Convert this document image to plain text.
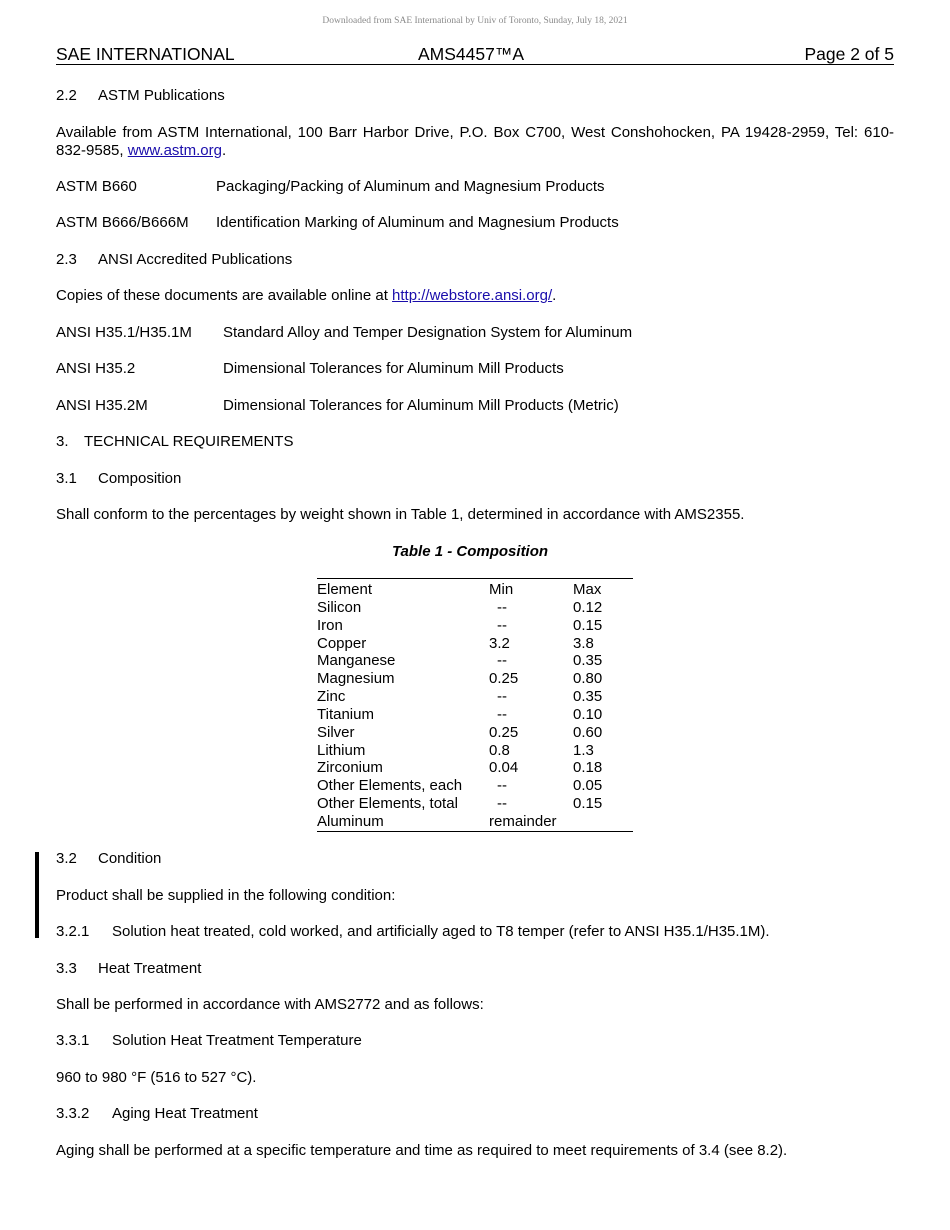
Downloaded from SAE International by Univ of Toronto, Sunday, July 18, 2021
SAE INTERNATIONAL	AMS4457™A	Page 2 of 5
2.2 ASTM Publications
Available from ASTM International, 100 Barr Harbor Drive, P.O. Box C700, West Conshohocken, PA 19428-2959, Tel: 610-832-9585, www.astm.org.
ASTM B660	Packaging/Packing of Aluminum and Magnesium Products
ASTM B666/B666M Identification Marking of Aluminum and Magnesium Products
2.3 ANSI Accredited Publications
Copies of these documents are available online at http://webstore.ansi.org/.
ANSI H35.1/H35.1M Standard Alloy and Temper Designation System for Aluminum
ANSI H35.2	Dimensional Tolerances for Aluminum Mill Products
ANSI H35.2M	Dimensional Tolerances for Aluminum Mill Products (Metric)
3. TECHNICAL REQUIREMENTS
3.1 Composition
Shall conform to the percentages by weight shown in Table 1, determined in accordance with AMS2355.
Table 1 - Composition
Element	Min	Max
Silicon	--	0.12
Iron	--	0.15
Copper	3.2	3.8
Manganese	--	0.35
Magnesium	0.25	0.80
Zinc	--	0.35
Titanium	--	0.10
Silver	0.25	0.60
Lithium	0.8	1.3
Zirconium	0.04	0.18
Other Elements, each --	0.05
Other Elements, total	--	0.15
Aluminum	remainder
3.2 Condition
Product shall be supplied in the following condition:
3.2.1 Solution heat treated, cold worked, and artificially aged to T8 temper (refer to ANSI H35.1/H35.1M).
3.3 Heat Treatment
Shall be performed in accordance with AMS2772 and as follows:
3.3.1 Solution Heat Treatment Temperature
960 to 980 °F (516 to 527 °C).
3.3.2 Aging Heat Treatment
Aging shall be performed at a specific temperature and time as required to meet requirements of 3.4 (see 8.2).
